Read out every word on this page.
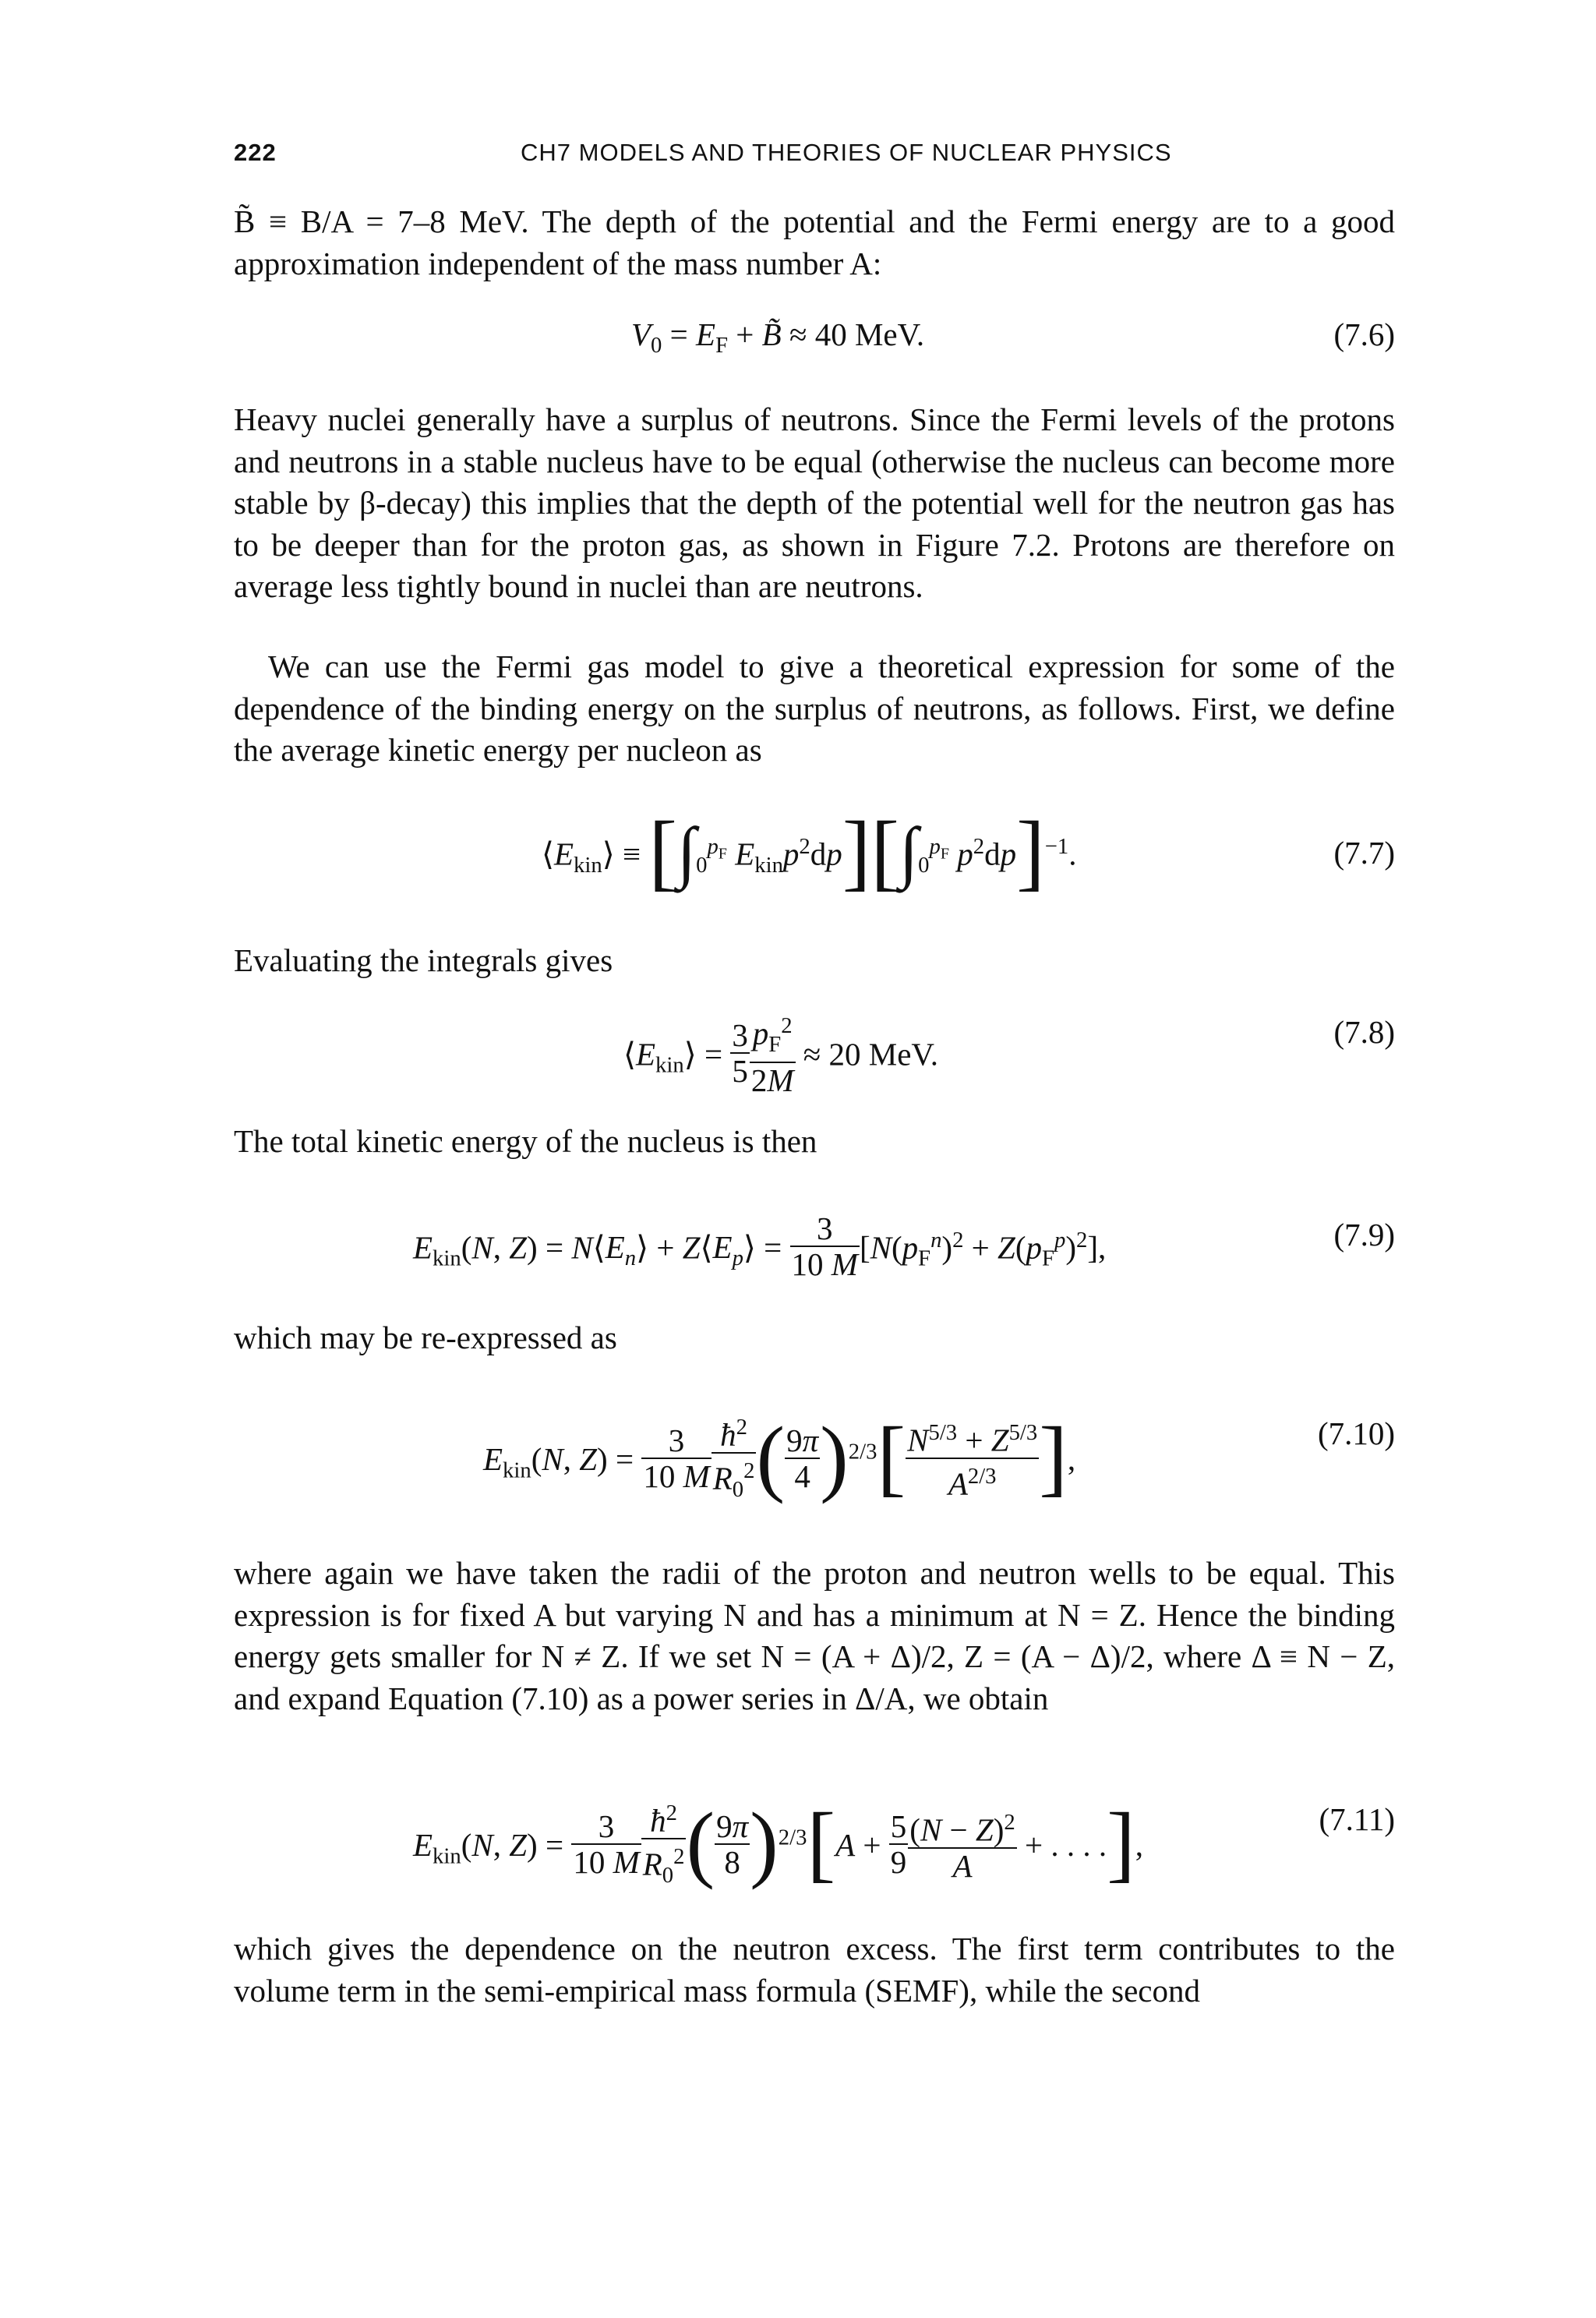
222	CH7 MODELS AND THEORIES OF NUCLEAR PHYSICS
B̃ ≡ B/A = 7–8 MeV. The depth of the potential and the Fermi energy are to a good approximation independent of the mass number A:
$V_0 = E_F$ + B̃ ≈ 40 MeV.	(7.6)
Heavy nuclei generally have a surplus of neutrons. Since the Fermi levels of the protons and neutrons in a stable nucleus have to be equal (otherwise the nucleus can become more stable by β-decay) this implies that the depth of the potential well for the neutron gas has to be deeper than for the proton gas, as shown in Figure 7.2. Protons are therefore on average less tightly bound in nuclei than are neutrons.
We can use the Fermi gas model to give a theoretical expression for some of the dependence of the binding energy on the surplus of neutrons, as follows. First, we define the average kinetic energy per nucleon as
$⟨E_{kin}⟩ \equiv [\int_0^{p_F}$ $E_{kin}p^2dp][\int_0^{p_F}$ $p^2dp]^{-1}$.	(7.7)
Evaluating the integrals gives
$⟨E_{kin}⟩ = \frac{3}{5} \frac{p_F^2}{2M} \approx 20$ MeV.
(7.8)
The total kinetic energy of the nucleus is then
$E_{kin}(N$, $Z) = N⟨E_n⟩$ + $Z⟨E_p⟩ = \frac{3}{10 M} [N(p_F^n)^2 + Z(p_F^p)^2]$,	(7.9)
which may be re-expressed as
$E_{kin}(N$, $Z) = \frac{3}{10 M} \frac{ħ^2}{R_0^2}$ ( $\frac{9\pi}{4} )^{2/3}[ \frac{N^{5/3} + Z^{5/3}}{A^{2/3}}$ ],
(7.10)
where again we have taken the radii of the proton and neutron wells to be equal. This expression is for fixed A but varying N and has a minimum at N = Z. Hence the binding energy gets smaller for N ≠ Z. If we set N = (A + Δ)/2, Z = (A − Δ)/2, where Δ ≡ N − Z, and expand Equation (7.10) as a power series in Δ/A, we obtain
$E_{kin}(N$, $Z) = \frac{3}{10 M} \frac{ħ^2}{R_0^2}$ ( $\frac{9\pi}{8} )^{2/3}[A + \frac{5}{9} \frac{(N - Z)^2}{A}$ + . . . .],
(7.11)
which gives the dependence on the neutron excess. The first term contributes to the volume term in the semi-empirical mass formula (SEMF), while the second
